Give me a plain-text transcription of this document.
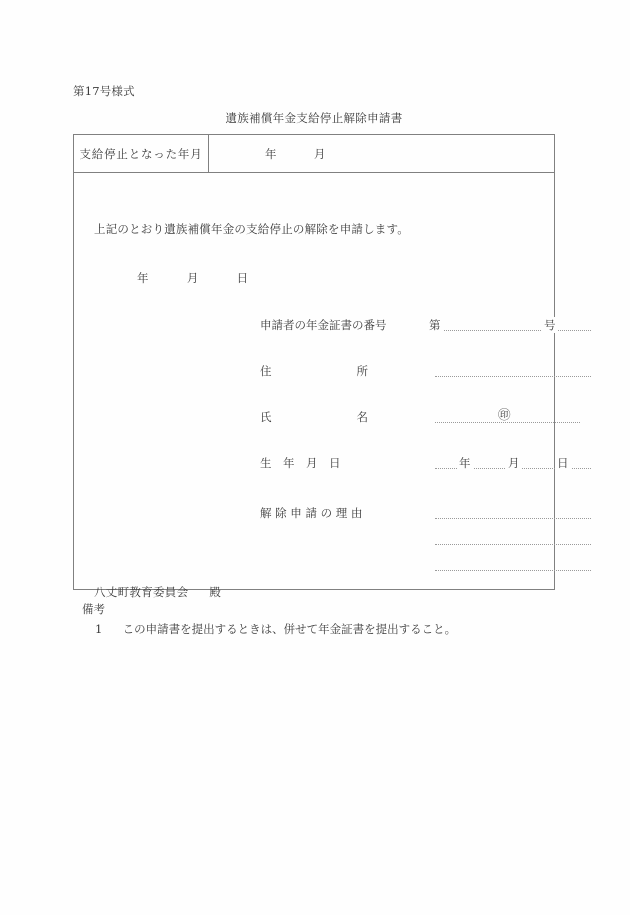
第17号様式
遺族補償年金支給停止解除申請書
支給停止となった年月	年	月
上記のとおり遺族補償年金の支給停止の解除を申請します。
年	月	日
申請者の年金証書の番号	第	号
住	所
氏	名	㊞
生　年　月　日	年	月	日
解 除 申 請 の 理 由
八丈町教育委員会 殿
備考
1 この申請書を提出するときは、併せて年金証書を提出すること。
